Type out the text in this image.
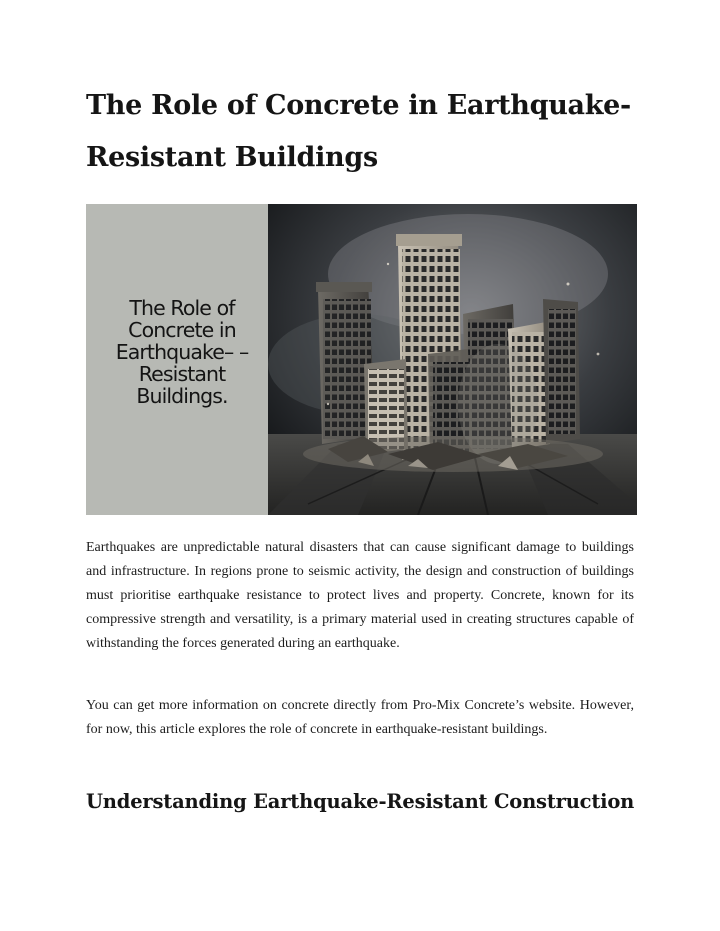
The Role of Concrete in Earthquake-Resistant Buildings
The Role of Concrete in Earthquake– –Resistant Buildings.

Earthquakes are unpredictable natural disasters that can cause significant damage to buildings and infrastructure. In regions prone to seismic activity, the design and construction of buildings must prioritise earthquake resistance to protect lives and property. Concrete, known for its compressive strength and versatility, is a primary material used in creating structures capable of withstanding the forces generated during an earthquake.

You can get more information on concrete directly from Pro-Mix Concrete’s website. However, for now, this article explores the role of concrete in earthquake-resistant buildings.

Understanding Earthquake-Resistant Construction
